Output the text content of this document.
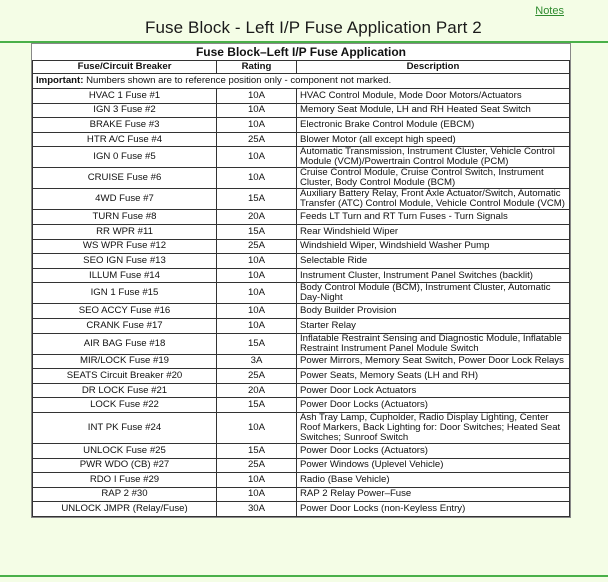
Notes
Fuse Block - Left I/P Fuse Application Part 2
Fuse Block–Left I/P Fuse Application
Fuse/Circuit Breaker	Rating	Description
Important: Numbers shown are to reference position only - component not marked.		
HVAC 1 Fuse #1	10A	HVAC Control Module, Mode Door Motors/Actuators
IGN 3 Fuse #2	10A	Memory Seat Module, LH and RH Heated Seat Switch
BRAKE Fuse #3	10A	Electronic Brake Control Module (EBCM)
HTR A/C Fuse #4	25A	Blower Motor (all except high speed)
IGN 0 Fuse #5	10A	Automatic Transmission, Instrument Cluster, Vehicle Control Module (VCM)/Powertrain Control Module (PCM)
CRUISE Fuse #6	10A	Cruise Control Module, Cruise Control Switch, Instrument Cluster, Body Control Module (BCM)
4WD Fuse #7	15A	Auxiliary Battery Relay, Front Axle Actuator/Switch, Automatic Transfer (ATC) Control Module, Vehicle Control Module (VCM)
TURN Fuse #8	20A	Feeds LT Turn and RT Turn Fuses - Turn Signals
RR WPR #11	15A	Rear Windshield Wiper
WS WPR Fuse #12	25A	Windshield Wiper, Windshield Washer Pump
SEO IGN Fuse #13	10A	Selectable Ride
ILLUM Fuse #14	10A	Instrument Cluster, Instrument Panel Switches (backlit)
IGN 1 Fuse #15	10A	Body Control Module (BCM), Instrument Cluster, Automatic Day-Night
SEO ACCY Fuse #16	10A	Body Builder Provision
CRANK Fuse #17	10A	Starter Relay
AIR BAG Fuse #18	15A	Inflatable Restraint Sensing and Diagnostic Module, Inflatable Restraint Instrument Panel Module Switch
MIR/LOCK Fuse #19	3A	Power Mirrors, Memory Seat Switch, Power Door Lock Relays
SEATS Circuit Breaker #20	25A	Power Seats, Memory Seats (LH and RH)
DR LOCK Fuse #21	20A	Power Door Lock Actuators
LOCK Fuse #22	15A	Power Door Locks (Actuators)
INT PK Fuse #24	10A	Ash Tray Lamp, Cupholder, Radio Display Lighting, Center Roof Markers, Back Lighting for: Door Switches; Heated Seat Switches; Sunroof Switch
UNLOCK Fuse #25	15A	Power Door Locks (Actuators)
PWR WDO (CB) #27	25A	Power Windows (Uplevel Vehicle)
RDO I Fuse #29	10A	Radio (Base Vehicle)
RAP 2 #30	10A	RAP 2 Relay Power–Fuse
UNLOCK JMPR (Relay/Fuse)	30A	Power Door Locks (non-Keyless Entry)
